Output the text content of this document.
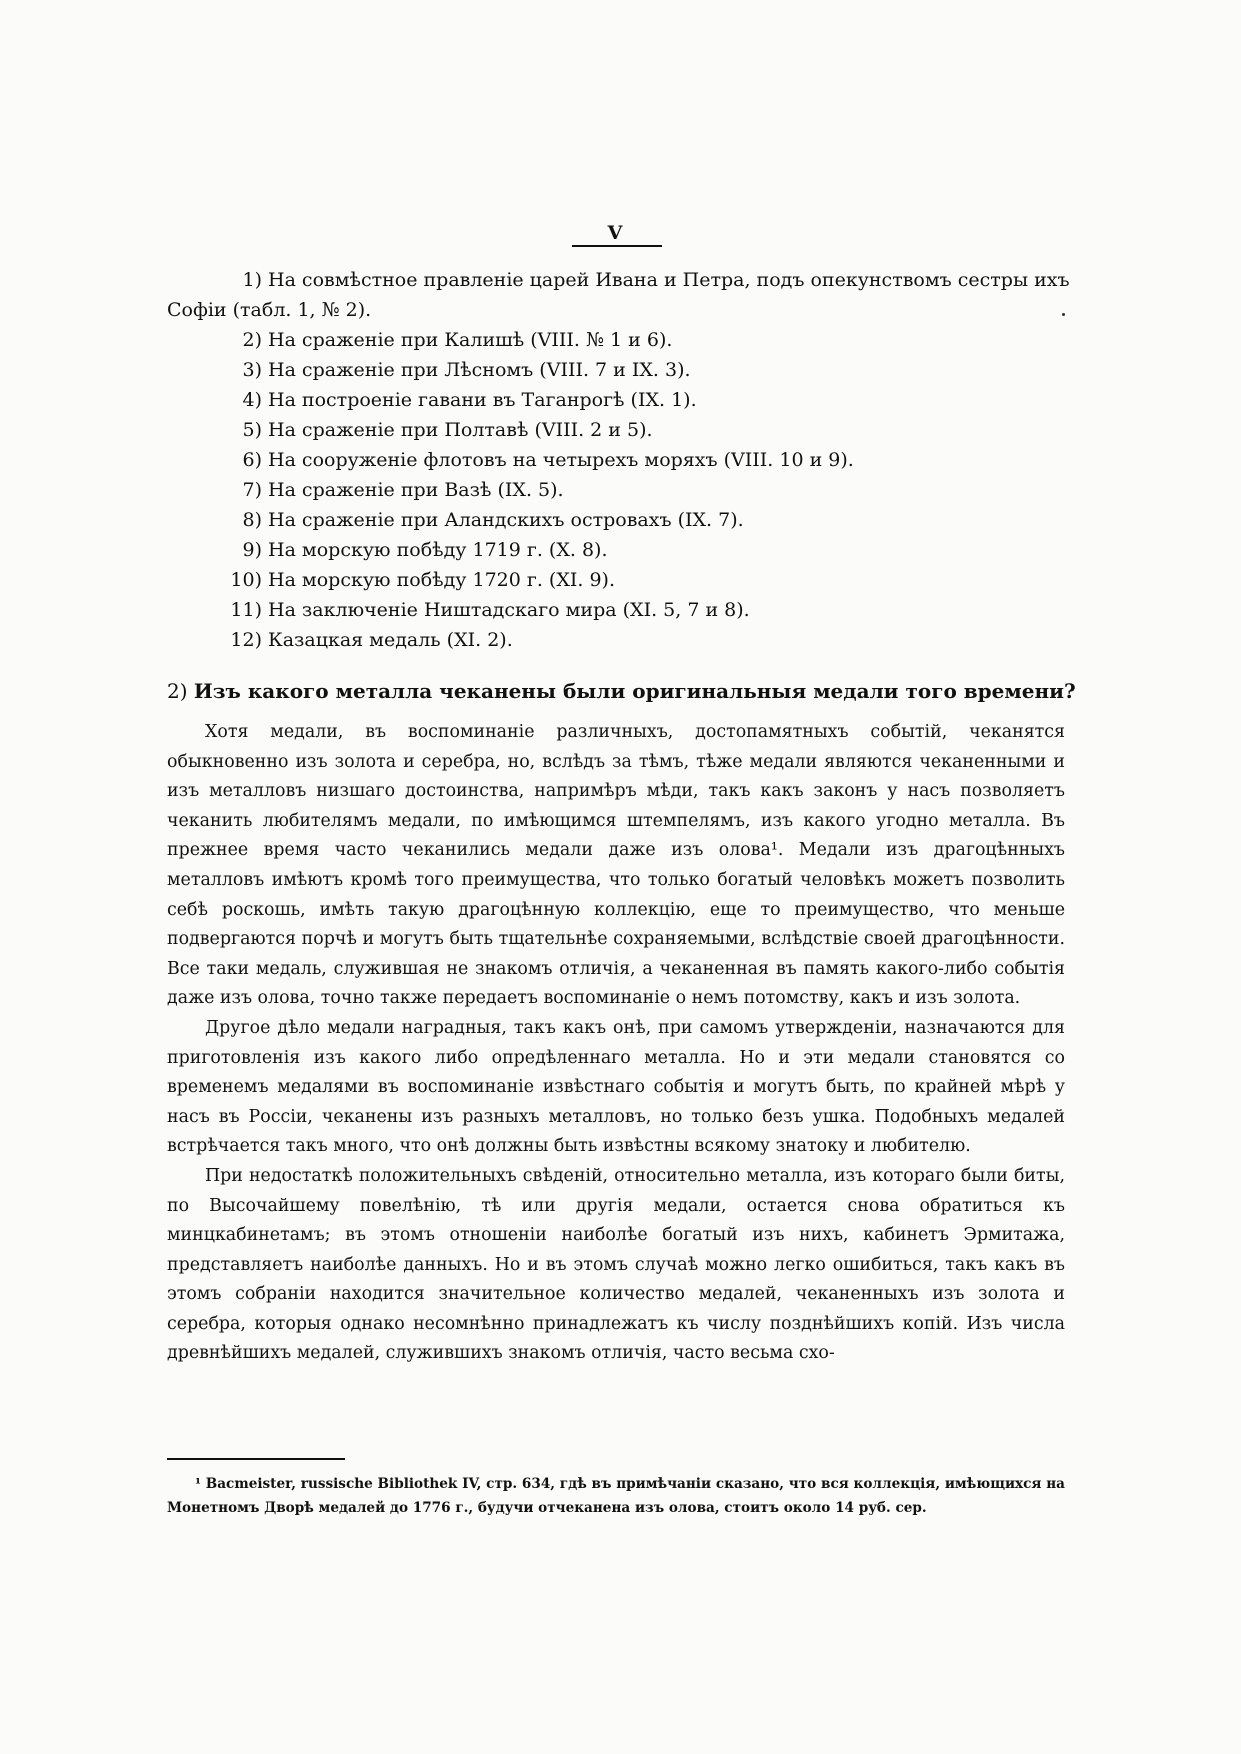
V
1) На совмѣстное правленіе царей Ивана и Петра, подъ опекунствомъ сестры ихъ
Софіи (табл. 1, № 2).
2) На сраженіе при Калишѣ (VIII. № 1 и 6).
3) На сраженіе при Лѣсномъ (VIII. 7 и IX. 3).
4) На построеніе гавани въ Таганрогѣ (IX. 1).
5) На сраженіе при Полтавѣ (VIII. 2 и 5).
6) На сооруженіе флотовъ на четырехъ моряхъ (VIII. 10 и 9).
7) На сраженіе при Вазѣ (IX. 5).
8) На сраженіе при Аландскихъ островахъ (IX. 7).
9) На морскую побѣду 1719 г. (X. 8).
10) На морскую побѣду 1720 г. (XI. 9).
11) На заключеніе Ништадскаго мира (XI. 5, 7 и 8).
12) Казацкая медаль (XI. 2).
2) Изъ какого металла чеканены были оригинальныя медали того времени?

Хотя медали, въ воспоминаніе различныхъ, достопамятныхъ событій, чеканятся обыкновенно изъ золота и серебра, но, вслѣдъ за тѣмъ, тѣже медали являются чеканенными и изъ металловъ низшаго достоинства, напримѣръ мѣди, такъ какъ законъ у насъ позволяетъ чеканить любителямъ медали, по имѣющимся штемпелямъ, изъ какого угодно металла. Въ прежнее время часто чеканились медали даже изъ олова¹. Медали изъ драгоцѣнныхъ металловъ имѣютъ кромѣ того преимущества, что только богатый человѣкъ можетъ позволить себѣ роскошь, имѣть такую драгоцѣнную коллекцію, еще то преимущество, что меньше подвергаются порчѣ и могутъ быть тщательнѣе сохраняемыми, вслѣдствіе своей драгоцѣнности. Все таки медаль, служившая не знакомъ отличія, а чеканенная въ память какого-либо событія даже изъ олова, точно также передаетъ воспоминаніе о немъ потомству, какъ и изъ золота.

Другое дѣло медали наградныя, такъ какъ онѣ, при самомъ утвержденіи, назначаются для приготовленія изъ какого либо опредѣленнаго металла. Но и эти медали становятся со временемъ медалями въ воспоминаніе извѣстнаго событія и могутъ быть, по крайней мѣрѣ у насъ въ Россіи, чеканены изъ разныхъ металловъ, но только безъ ушка. Подобныхъ медалей встрѣчается такъ много, что онѣ должны быть извѣстны всякому знатоку и любителю.

При недостаткѣ положительныхъ свѣденій, относительно металла, изъ котораго были биты, по Высочайшему повелѣнію, тѣ или другія медали, остается снова обратиться къ минцкабинетамъ; въ этомъ отношеніи наиболѣе богатый изъ нихъ, кабинетъ Эрмитажа, представляетъ наиболѣе данныхъ. Но и въ этомъ случаѣ можно легко ошибиться, такъ какъ въ этомъ собраніи находится значительное количество медалей, чеканенныхъ изъ золота и серебра, которыя однако несомнѣнно принадлежатъ къ числу позднѣйшихъ копій. Изъ числа древнѣйшихъ медалей, служившихъ знакомъ отличія, часто весьма схо-

¹ Bacmeister, russische Bibliothek IV, стр. 634, гдѣ въ примѣчаніи сказано, что вся коллекція, имѣющихся на Монетномъ Дворѣ медалей до 1776 г., будучи отчеканена изъ олова, стоитъ около 14 руб. сер.
